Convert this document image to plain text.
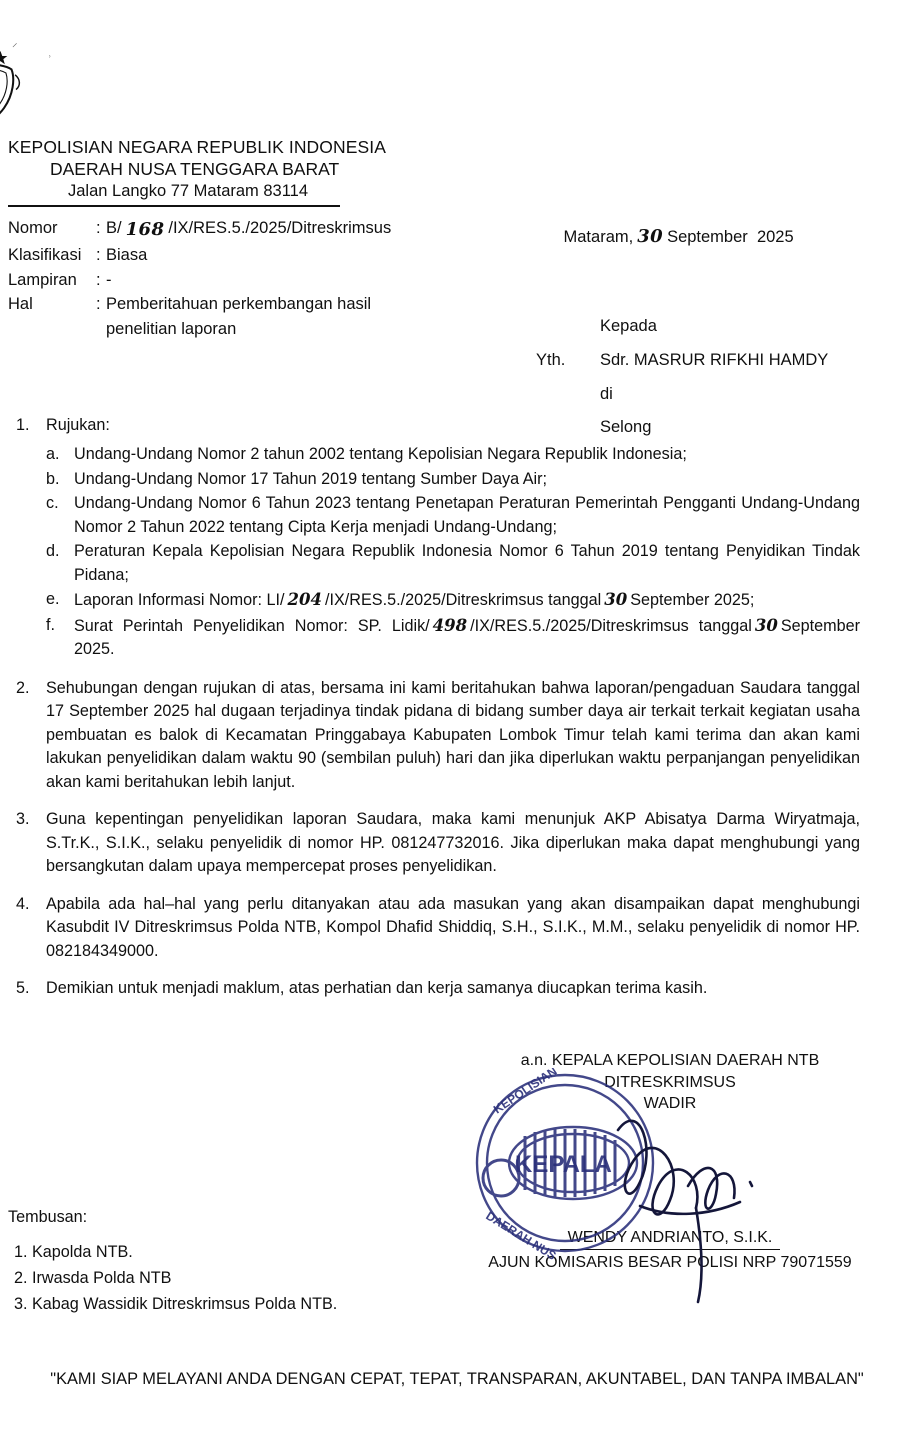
⸍	⸒
KEPOLISIAN NEGARA REPUBLIK INDONESIA
DAERAH NUSA TENGGARA BARAT
Jalan Langko 77 Mataram 83114

Mataram, 30 September  2025

Nomor	: B/ 168 /IX/RES.5./2025/Ditreskrimsus
Klasifikasi : Biasa
Lampiran	: -
Hal	: Pemberitahuan perkembangan hasil
penelitian laporan	Kepada
Yth.	Sdr. MASRUR RIFKHI HAMDY
di
Selong
1.	Rujukan:
a. Undang-Undang Nomor 2 tahun 2002 tentang Kepolisian Negara Republik Indonesia;
b. Undang-Undang Nomor 17 Tahun 2019 tentang Sumber Daya Air;
c. Undang-Undang Nomor 6 Tahun 2023 tentang Penetapan Peraturan Pemerintah Pengganti Undang-Undang Nomor 2 Tahun 2022 tentang Cipta Kerja menjadi Undang-Undang;
d. Peraturan Kepala Kepolisian Negara Republik Indonesia Nomor 6 Tahun 2019 tentang Penyidikan Tindak Pidana;
e. Laporan Informasi Nomor: LI/ 204 /IX/RES.5./2025/Ditreskrimsus tanggal 30 September 2025;
f.	Surat Perintah Penyelidikan Nomor: SP. Lidik/ 498 /IX/RES.5./2025/Ditreskrimsus tanggal 30 September 2025.
2.	Sehubungan dengan rujukan di atas, bersama ini kami beritahukan bahwa laporan/pengaduan Saudara tanggal 17 September 2025 hal dugaan terjadinya tindak pidana di bidang sumber daya air terkait terkait kegiatan usaha pembuatan es balok di Kecamatan Pringgabaya Kabupaten Lombok Timur telah kami terima dan akan kami lakukan penyelidikan dalam waktu 90 (sembilan puluh) hari dan jika diperlukan waktu perpanjangan penyelidikan akan kami beritahukan lebih lanjut.
3.	Guna kepentingan penyelidikan laporan Saudara, maka kami menunjuk AKP Abisatya Darma Wiryatmaja, S.Tr.K., S.I.K., selaku penyelidik di nomor HP. 081247732016. Jika diperlukan maka dapat menghubungi yang bersangkutan dalam upaya mempercepat proses penyelidikan.
4.	Apabila ada hal–hal yang perlu ditanyakan atau ada masukan yang akan disampaikan dapat menghubungi Kasubdit IV Ditreskrimsus Polda NTB, Kompol Dhafid Shiddiq, S.H., S.I.K., M.M., selaku penyelidik di nomor HP. 082184349000.
5.	Demikian untuk menjadi maklum, atas perhatian dan kerja samanya diucapkan terima kasih.
a.n. KEPALA KEPOLISIAN DAERAH NTB
DITRESKRIMSUS
WADIR
WENDY ANDRIANTO, S.I.K.
AJUN KOMISARIS BESAR POLISI NRP 79071559
KEPOLISIAN
DAERAH NUS
KEPALA
Tembusan:
1. Kapolda NTB.
2. Irwasda Polda NTB
3. Kabag Wassidik Ditreskrimsus Polda NTB.
"KAMI SIAP MELAYANI ANDA DENGAN CEPAT, TEPAT, TRANSPARAN, AKUNTABEL, DAN TANPA IMBALAN"
